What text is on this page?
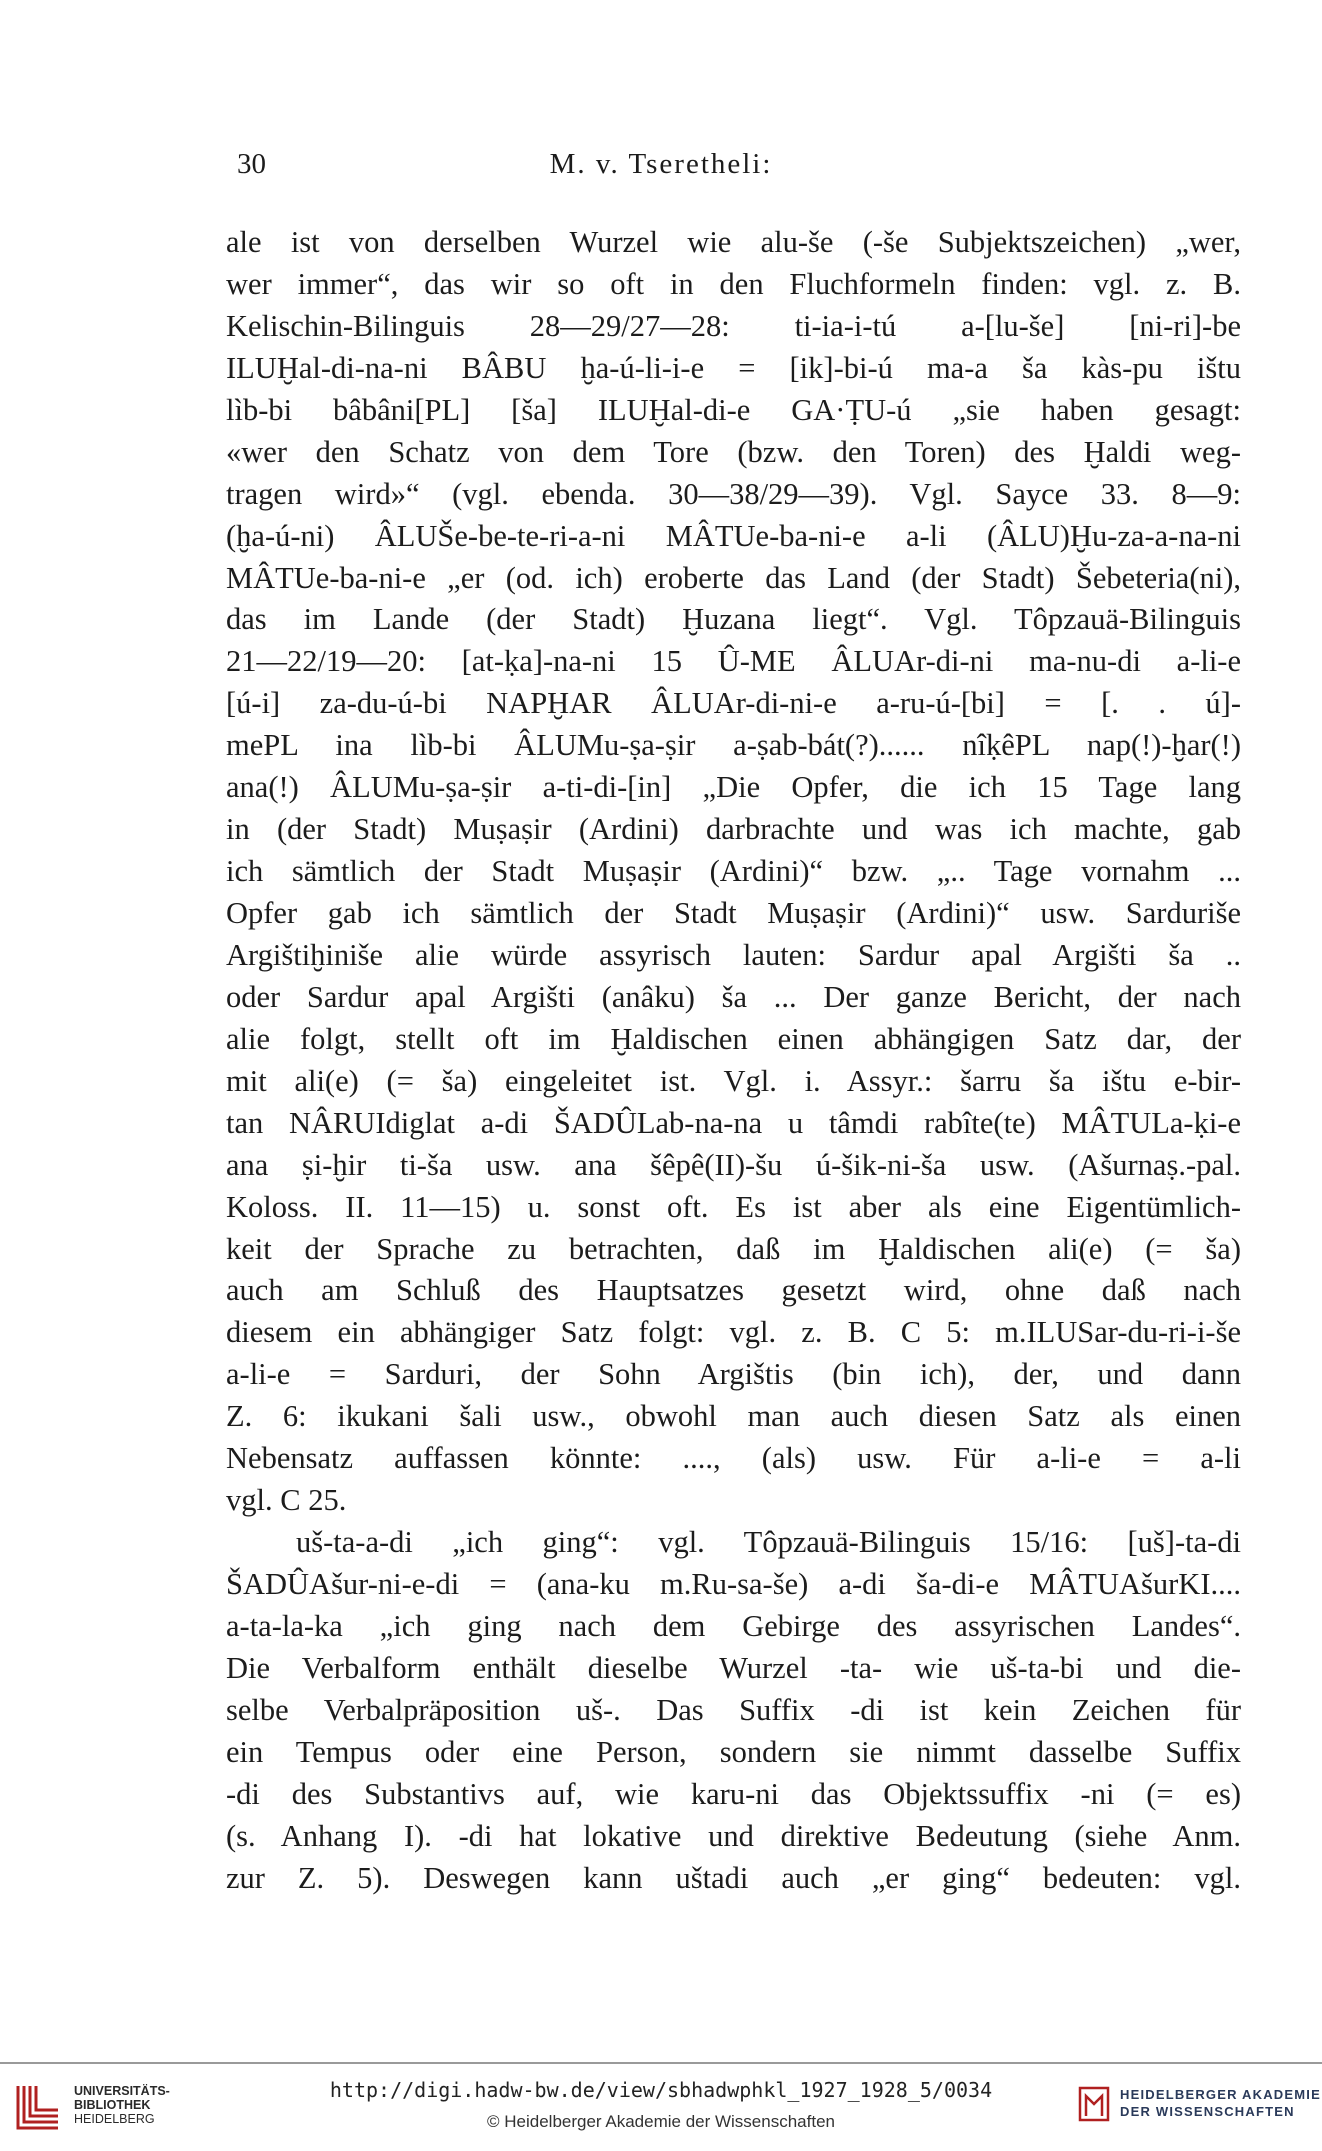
30	M. v. Tseretheli:
ale ist von derselben Wurzel wie alu-še (-še Subjektszeichen) „wer,
wer immer“, das wir so oft in den Fluchformeln finden: vgl. z. B.
Kelischin-Bilinguis 28—29/27—28: ti-ia-i-tú a-[lu-še] [ni-ri]-be
ILUḪal-di-na-ni BÂBU ḫa-ú-li-i-e = [ik]-bi-ú ma-a ša kàs-pu ištu
lìb-bi bâbâni[PL] [ša] ILUḪal-di-e GA·ṬU-ú „sie haben gesagt:
«wer den Schatz von dem Tore (bzw. den Toren) des Ḫaldi weg-
tragen wird»“ (vgl. ebenda. 30—38/29—39). Vgl. Sayce 33. 8—9:
(ḫa-ú-ni) ÂLUŠe-be-te-ri-a-ni MÂTUe-ba-ni-e a-li (ÂLU)Ḫu-za-a-na-ni
MÂTUe-ba-ni-e „er (od. ich) eroberte das Land (der Stadt) Šebeteria(ni),
das im Lande (der Stadt) Ḫuzana liegt“. Vgl. Tôpzauä-Bilinguis
21—22/19—20: [at-ḳa]-na-ni 15 Û-ME ÂLUAr-di-ni ma-nu-di a-li-e
[ú-i] za-du-ú-bi NAPḪAR ÂLUAr-di-ni-e a-ru-ú-[bi] = [. . ú]-
mePL ina lìb-bi ÂLUMu-ṣa-ṣir a-ṣab-bát(?)...... nîḳêPL nap(!)-ḫar(!)
ana(!) ÂLUMu-ṣa-ṣir a-ti-di-[in] „Die Opfer, die ich 15 Tage lang
in (der Stadt) Muṣaṣir (Ardini) darbrachte und was ich machte, gab
ich sämtlich der Stadt Muṣaṣir (Ardini)“ bzw. „.. Tage vornahm ...
Opfer gab ich sämtlich der Stadt Muṣaṣir (Ardini)“ usw. Sardurišе
Argištiḫinišе alie würde assyrisch lauten: Sardur apal Argišti ša ..
oder Sardur apal Argišti (anâku) ša ... Der ganze Bericht, der nach
alie folgt, stellt oft im Ḫaldischen einen abhängigen Satz dar, der
mit ali(e) (= ša) eingeleitet ist. Vgl. i. Assyr.: šarru ša ištu e-bir-
tan NÂRUIdiglat a-di ŠADÛLab-na-na u tâmdi rabîte(te) MÂTULa-ḳi-e
ana ṣi-ḫir ti-ša usw. ana šêpê(II)-šu ú-šik-ni-ša usw. (Ašurnaṣ.-pal.
Koloss. II. 11—15) u. sonst oft. Es ist aber als eine Eigentümlich-
keit der Sprache zu betrachten, daß im Ḫaldischen ali(e) (= ša)
auch am Schluß des Hauptsatzes gesetzt wird, ohne daß nach
diesem ein abhängiger Satz folgt: vgl. z. B. C 5: m.ILUSar-du-ri-i-še
a-li-e = Sarduri, der Sohn Argištis (bin ich), der, und dann
Z. 6: ikukani šali usw., obwohl man auch diesen Satz als einen
Nebensatz auffassen könnte: ...., (als) usw. Für a-li-e = a-li
vgl. C 25.
uš-ta-a-di „ich ging“: vgl. Tôpzauä-Bilinguis 15/16: [uš]-ta-di
ŠADÛAšur-ni-e-di = (ana-ku m.Ru-sa-še) a-di ša-di-e MÂTUAšurKI....
a-ta-la-ka „ich ging nach dem Gebirge des assyrischen Landes“.
Die Verbalform enthält dieselbe Wurzel -ta- wie uš-ta-bi und die-
selbe Verbalpräposition uš-. Das Suffix -di ist kein Zeichen für
ein Tempus oder eine Person, sondern sie nimmt dasselbe Suffix
-di des Substantivs auf, wie karu-ni das Objektssuffix -ni (= es)
(s. Anhang I). -di hat lokative und direktive Bedeutung (siehe Anm.
zur Z. 5). Deswegen kann uštadi auch „er ging“ bedeuten: vgl.
UNIVERSITÄTS-
BIBLIOTHEK
HEIDELBERG
http://digi.hadw-bw.de/view/sbhadwphkl_1927_1928_5/0034
© Heidelberger Akademie der Wissenschaften
HEIDELBERGER AKADEMIE
DER WISSENSCHAFTEN
